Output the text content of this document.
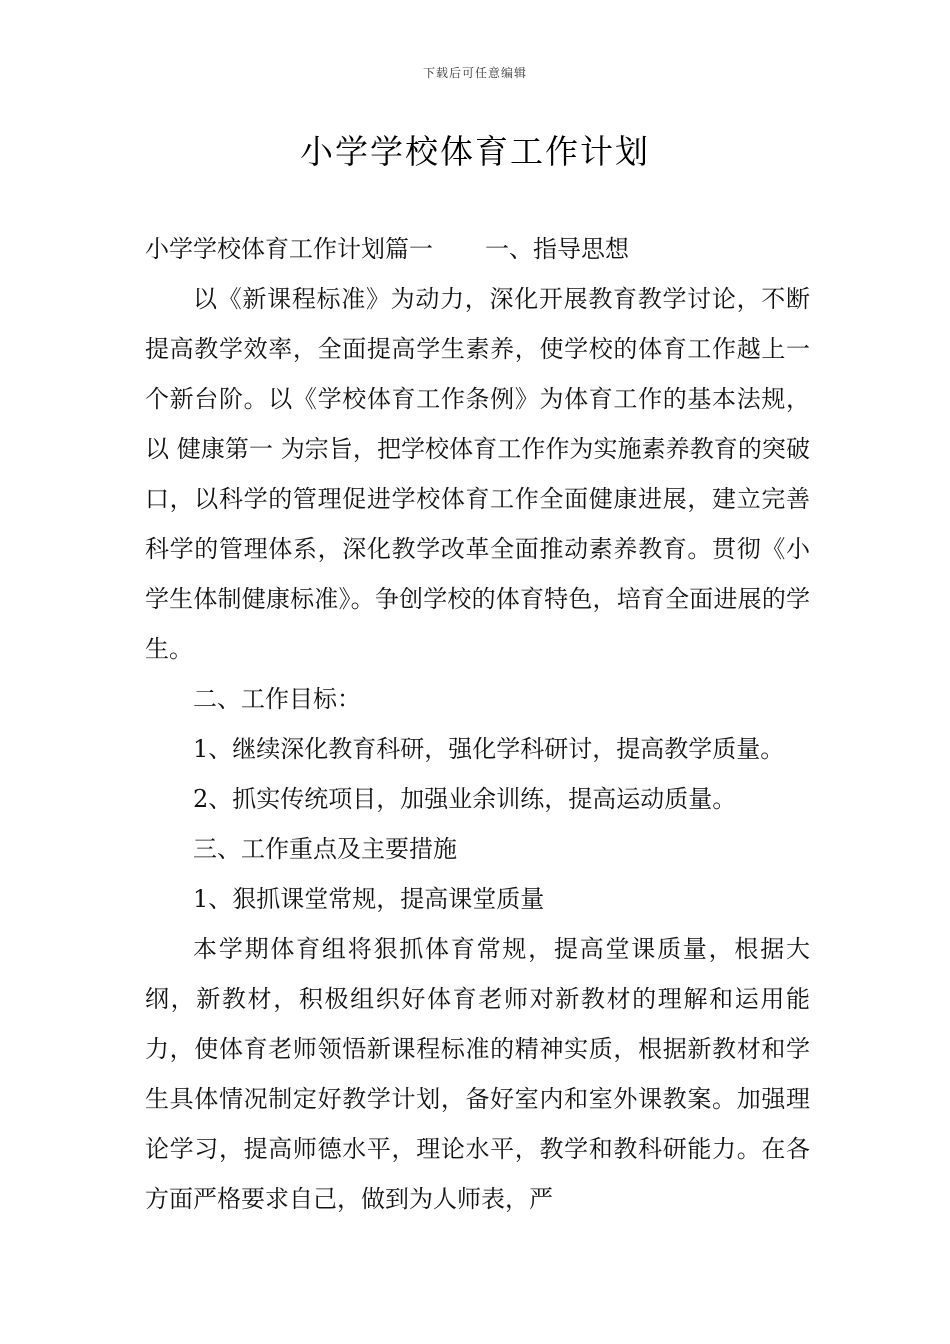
下载后可任意编辑
小学学校体育工作计划
小学学校体育工作计划篇一 一、指导思想

以《新课程标准》为动力，深化开展教育教学讨论，不断提高教学效率，全面提高学生素养，使学校的体育工作越上一个新台阶。以《学校体育工作条例》为体育工作的基本法规，以 健康第一 为宗旨，把学校体育工作作为实施素养教育的突破口，以科学的管理促进学校体育工作全面健康进展，建立完善科学的管理体系，深化教学改革全面推动素养教育。贯彻《小学生体制健康标准》。争创学校的体育特色，培育全面进展的学生。

二、工作目标：

1、继续深化教育科研，强化学科研讨，提高教学质量。

2、抓实传统项目，加强业余训练，提高运动质量。

三、工作重点及主要措施

1、狠抓课堂常规，提高课堂质量

本学期体育组将狠抓体育常规，提高堂课质量，根据大纲，新教材，积极组织好体育老师对新教材的理解和运用能力，使体育老师领悟新课程标准的精神实质，根据新教材和学生具体情况制定好教学计划，备好室内和室外课教案。加强理论学习，提高师德水平，理论水平，教学和教科研能力。在各方面严格要求自己，做到为人师表，严
